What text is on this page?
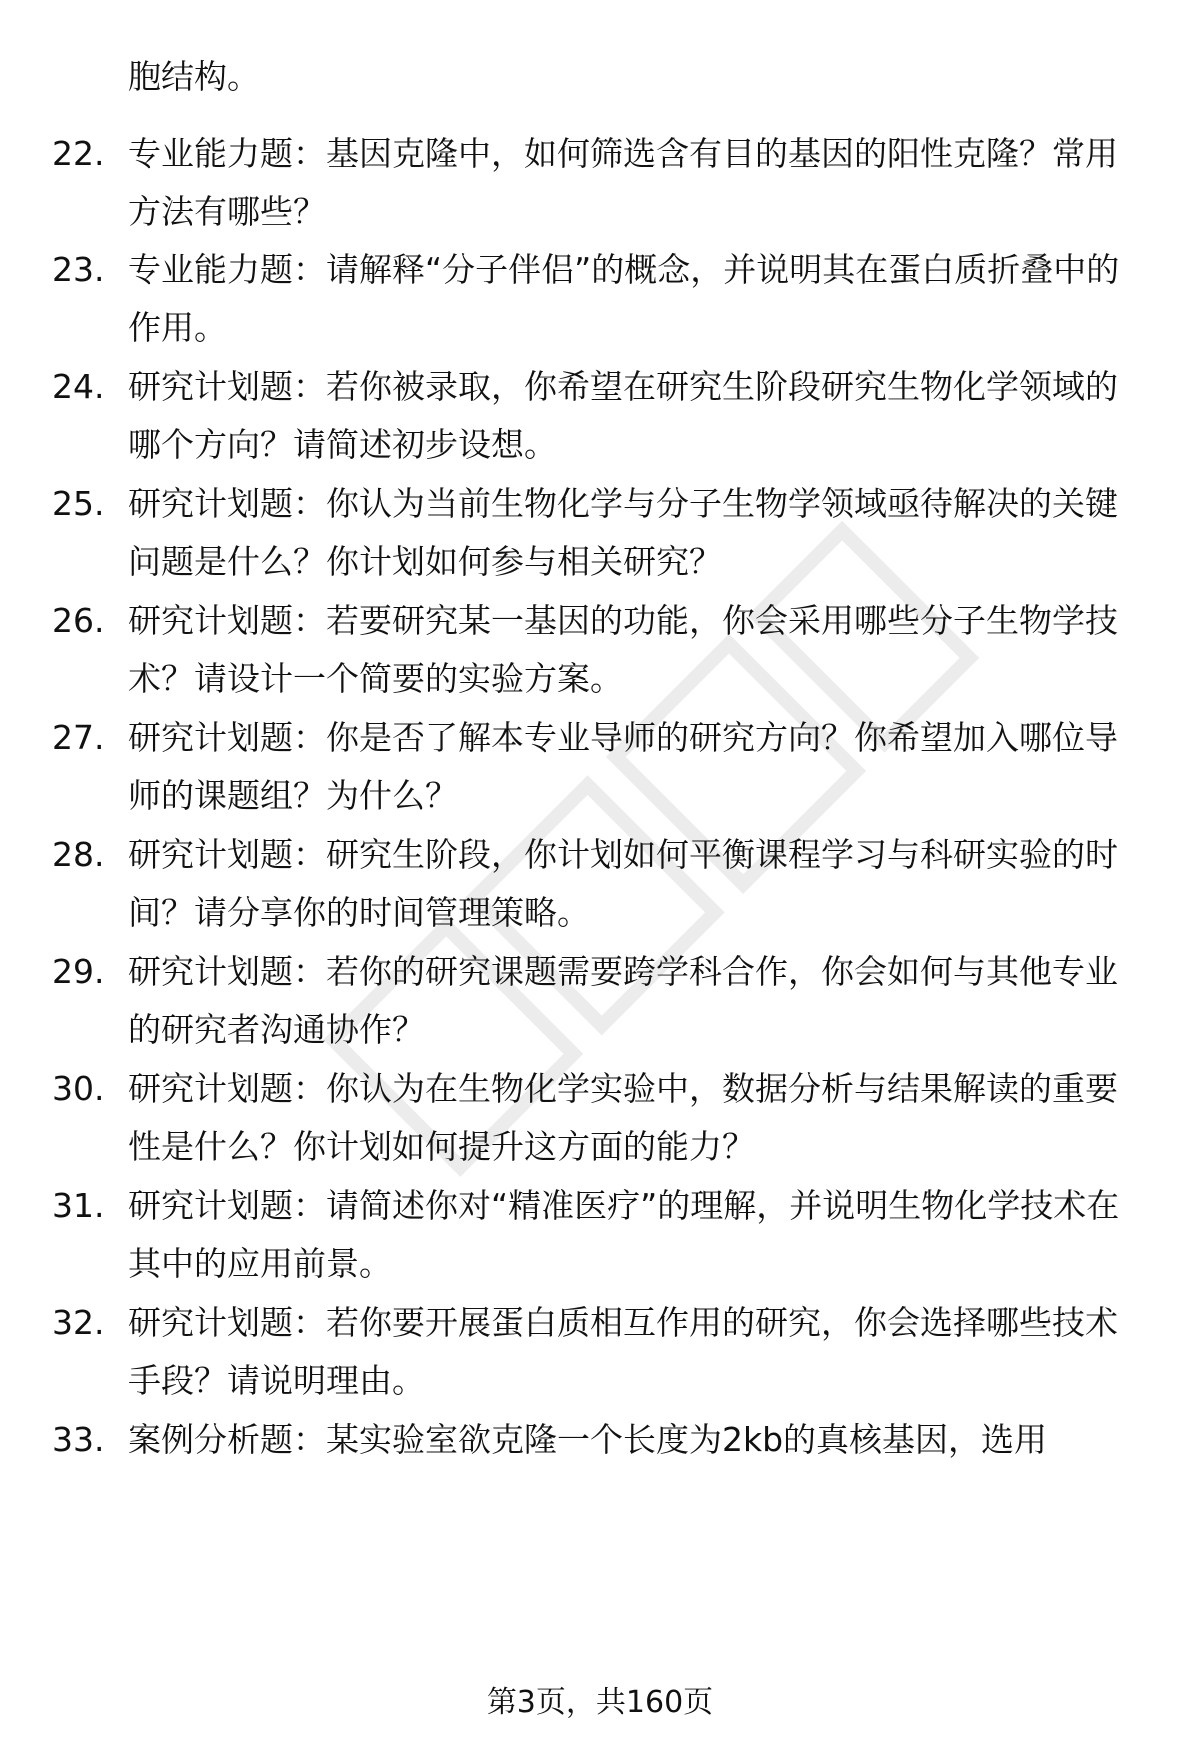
胞结构。
22. 专业能力题：基因克隆中，如何筛选含有目的基因的阳性克隆？常用方法有哪些？
23. 专业能力题：请解释“分子伴侣”的概念，并说明其在蛋白质折叠中的作用。
24. 研究计划题：若你被录取，你希望在研究生阶段研究生物化学领域的哪个方向？请简述初步设想。
25. 研究计划题：你认为当前生物化学与分子生物学领域亟待解决的关键问题是什么？你计划如何参与相关研究？
26. 研究计划题：若要研究某一基因的功能，你会采用哪些分子生物学技术？请设计一个简要的实验方案。
27. 研究计划题：你是否了解本专业导师的研究方向？你希望加入哪位导师的课题组？为什么？
28. 研究计划题：研究生阶段，你计划如何平衡课程学习与科研实验的时间？请分享你的时间管理策略。
29. 研究计划题：若你的研究课题需要跨学科合作，你会如何与其他专业的研究者沟通协作？
30. 研究计划题：你认为在生物化学实验中，数据分析与结果解读的重要性是什么？你计划如何提升这方面的能力？
31. 研究计划题：请简述你对“精准医疗”的理解，并说明生物化学技术在其中的应用前景。
32. 研究计划题：若你要开展蛋白质相互作用的研究，你会选择哪些技术手段？请说明理由。
33. 案例分析题：某实验室欲克隆一个长度为2kb的真核基因，选用
第3页，共160页
